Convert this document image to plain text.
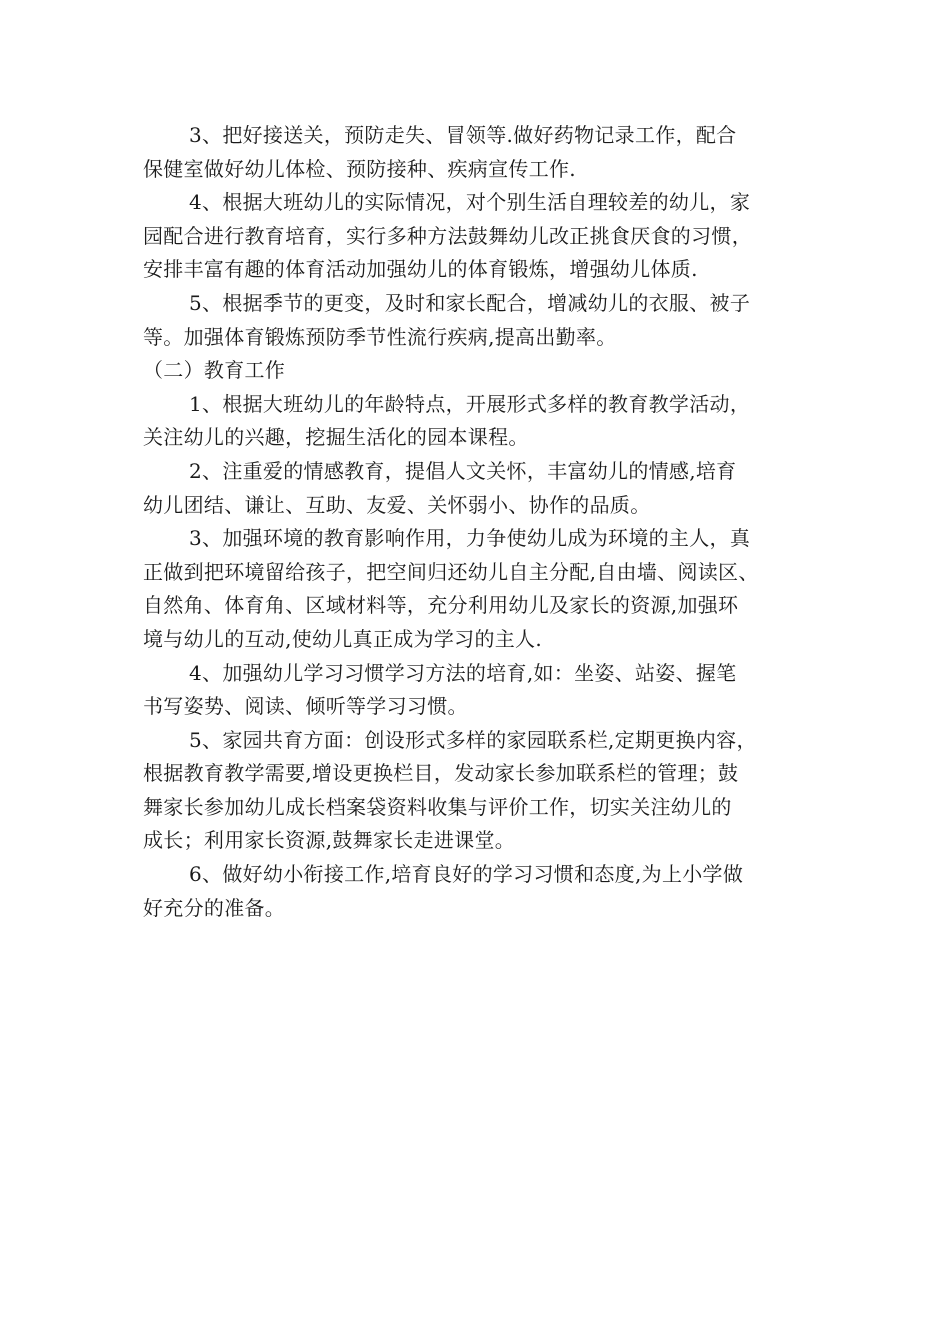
3、把好接送关，预防走失、冒领等.做好药物记录工作，配合
保健室做好幼儿体检、预防接种、疾病宣传工作.

4、根据大班幼儿的实际情况，对个别生活自理较差的幼儿，家
园配合进行教育培育，实行多种方法鼓舞幼儿改正挑食厌食的习惯，
安排丰富有趣的体育活动加强幼儿的体育锻炼，增强幼儿体质.

5、根据季节的更变，及时和家长配合，增减幼儿的衣服、被子
等。加强体育锻炼预防季节性流行疾病,提高出勤率。

（二）教育工作

1、根据大班幼儿的年龄特点，开展形式多样的教育教学活动，
关注幼儿的兴趣，挖掘生活化的园本课程。

2、注重爱的情感教育，提倡人文关怀，丰富幼儿的情感,培育
幼儿团结、谦让、互助、友爱、关怀弱小、协作的品质。

3、加强环境的教育影响作用，力争使幼儿成为环境的主人，真
正做到把环境留给孩子，把空间归还幼儿自主分配,自由墙、阅读区、
自然角、体育角、区域材料等，充分利用幼儿及家长的资源,加强环
境与幼儿的互动,使幼儿真正成为学习的主人.

4、加强幼儿学习习惯学习方法的培育,如：坐姿、站姿、握笔
书写姿势、阅读、倾听等学习习惯。

5、家园共育方面：创设形式多样的家园联系栏,定期更换内容，
根据教育教学需要,增设更换栏目，发动家长参加联系栏的管理；鼓
舞家长参加幼儿成长档案袋资料收集与评价工作，切实关注幼儿的
成长；利用家长资源,鼓舞家长走进课堂。

6、做好幼小衔接工作,培育良好的学习习惯和态度,为上小学做
好充分的准备。
